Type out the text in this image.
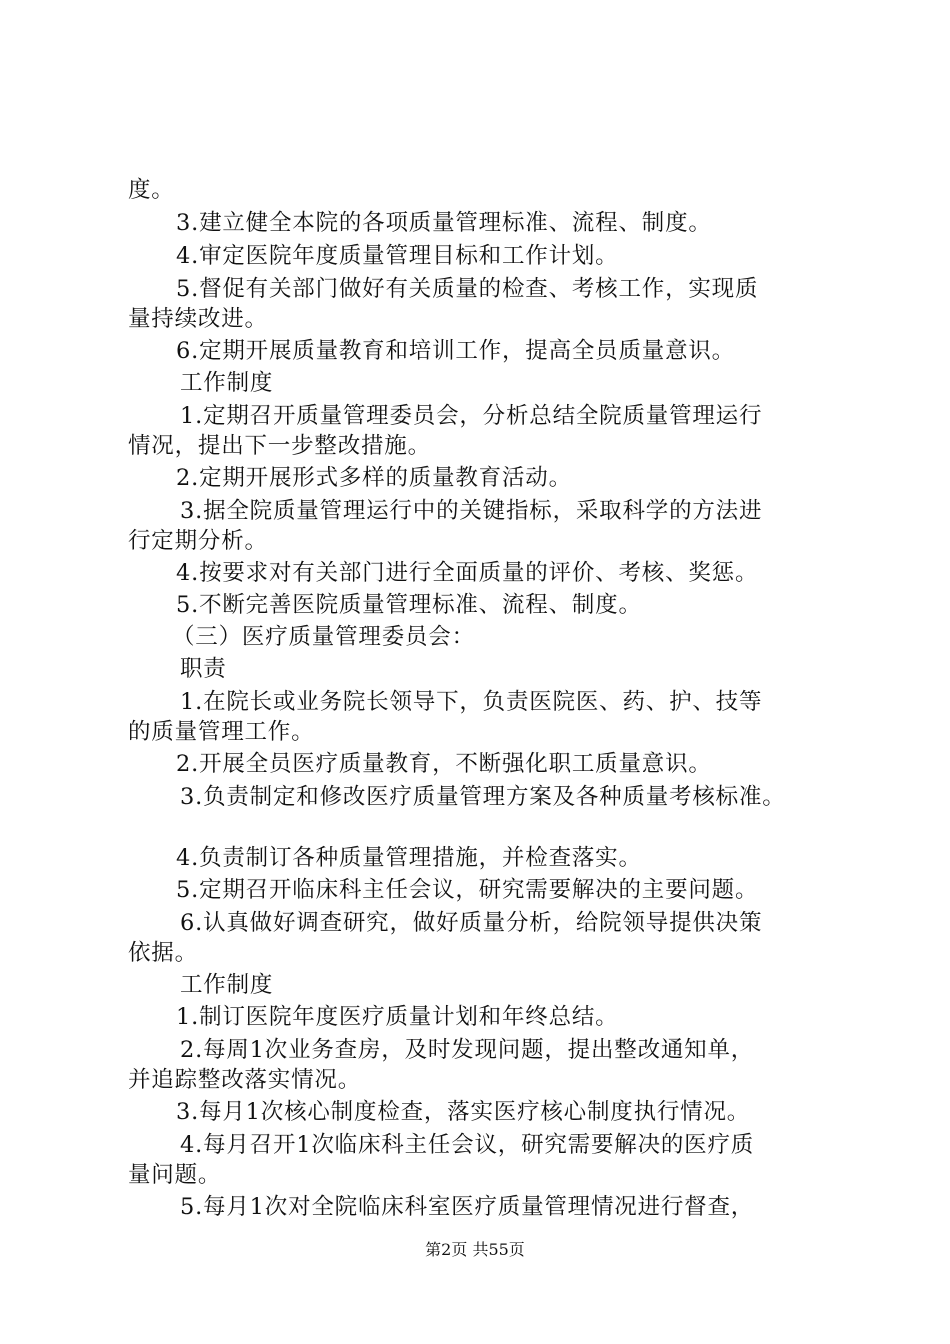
度。
3.建立健全本院的各项质量管理标准、流程、制度。
4.审定医院年度质量管理目标和工作计划。
5.督促有关部门做好有关质量的检查、考核工作，实现质
量持续改进。
6.定期开展质量教育和培训工作，提高全员质量意识。
工作制度
1.定期召开质量管理委员会，分析总结全院质量管理运行
情况，提出下一步整改措施。
2.定期开展形式多样的质量教育活动。
3.据全院质量管理运行中的关键指标，采取科学的方法进
行定期分析。
4.按要求对有关部门进行全面质量的评价、考核、奖惩。
5.不断完善医院质量管理标准、流程、制度。
（三）医疗质量管理委员会：
职责
1.在院长或业务院长领导下，负责医院医、药、护、技等
的质量管理工作。
2.开展全员医疗质量教育，不断强化职工质量意识。
3.负责制定和修改医疗质量管理方案及各种质量考核标准。
4.负责制订各种质量管理措施，并检查落实。
5.定期召开临床科主任会议，研究需要解决的主要问题。
6.认真做好调查研究，做好质量分析，给院领导提供决策
依据。
工作制度
1.制订医院年度医疗质量计划和年终总结。
2.每周1次业务查房，及时发现问题，提出整改通知单，
并追踪整改落实情况。
3.每月1次核心制度检查，落实医疗核心制度执行情况。
4.每月召开1次临床科主任会议，研究需要解决的医疗质
量问题。
5.每月1次对全院临床科室医疗质量管理情况进行督查，
第2页 共55页
